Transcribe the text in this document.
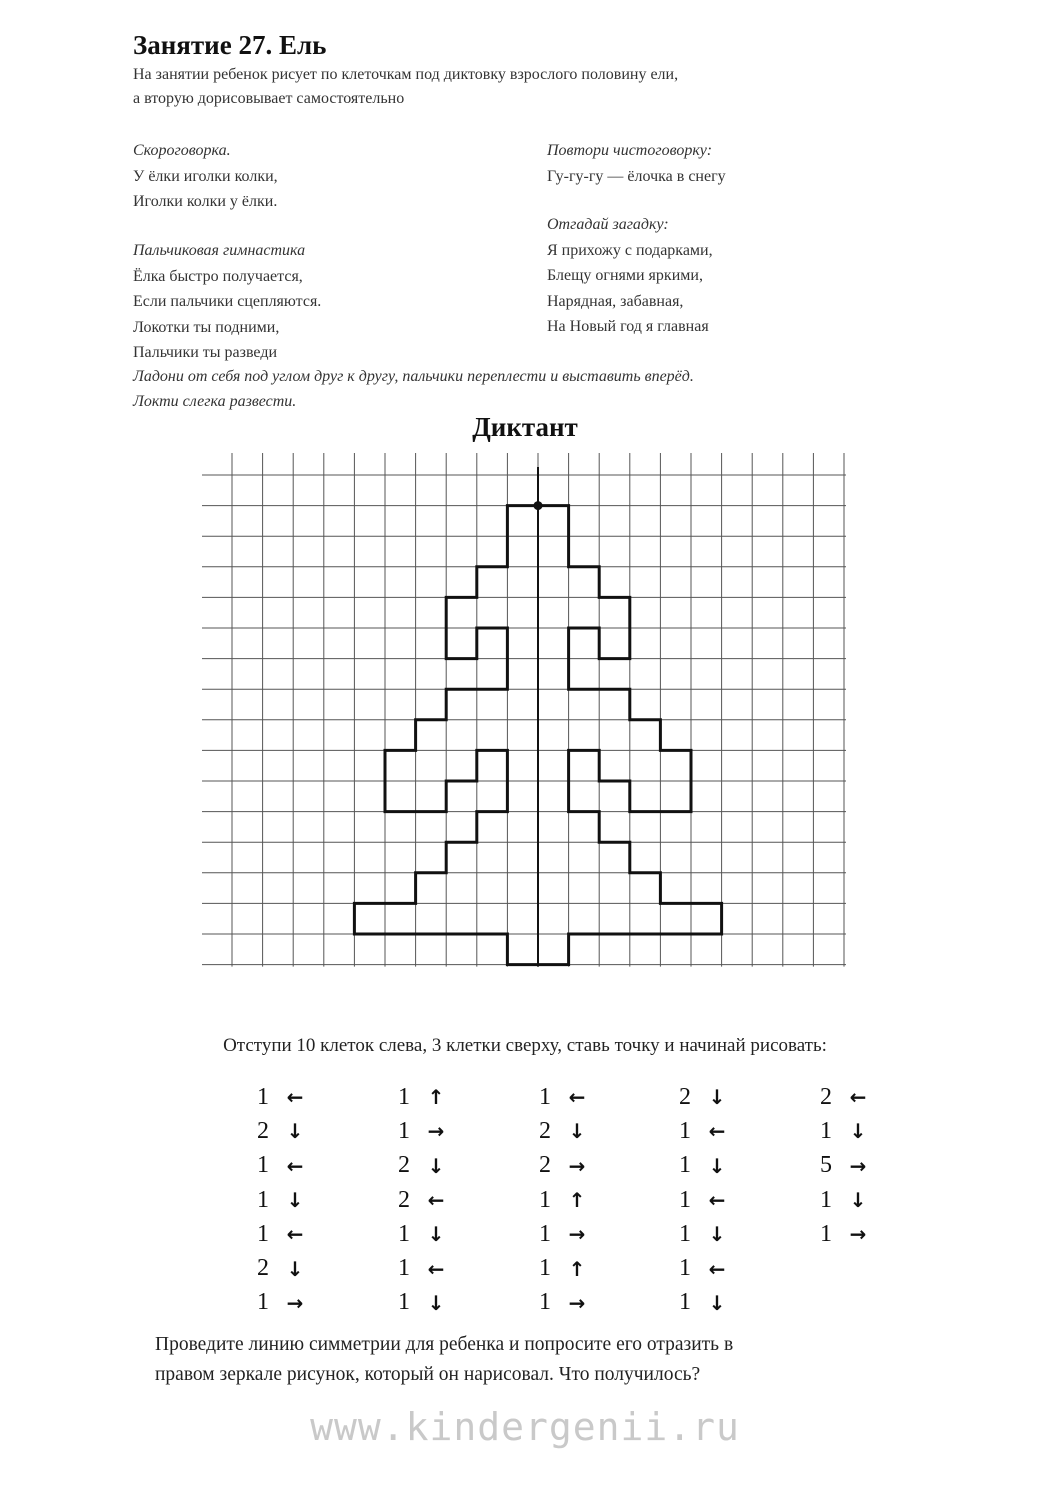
Занятие 27. Ель
На занятии ребенок рисует по клеточкам под диктовку взрослого половину ели,
а вторую дорисовывает самостоятельно
Скороговорка.
У ёлки иголки колки,
Иголки колки у ёлки.
Пальчиковая гимнастика
Ёлка быстро получается,
Если пальчики сцепляются.
Локотки ты подними,
Пальчики ты разведи
Повтори чистоговорку:
Гу-гу-гу — ёлочка в снегу
Отгадай загадку:
Я прихожу с подарками,
Блещу огнями яркими,
Нарядная, забавная,
На Новый год я главная
Ладони от себя под углом друг к другу, пальчики переплести и выставить вперёд.
Локти слегка развести.
Диктант
Отступи 10 клеток слева, 3 клетки сверху, ставь точку и начинай рисовать:
1 ←
2 ↓
1 ←
1 ↓
1 ←
2 ↓
1 →
1 ↑
1 →
2 ↓
2 ←
1 ↓
1 ←
1 ↓
1 ←
2 ↓
2 →
1 ↑
1 →
1 ↑
1 →
2 ↓
1 ←
1 ↓
1 ←
1 ↓
1 ←
1 ↓
2 ←
1 ↓
5 →
1 ↓
1 →
Проведите линию симметрии для ребенка и попросите его отразить в
правом зеркале рисунок, который он нарисовал. Что получилось?
www.kindergenii.ru
